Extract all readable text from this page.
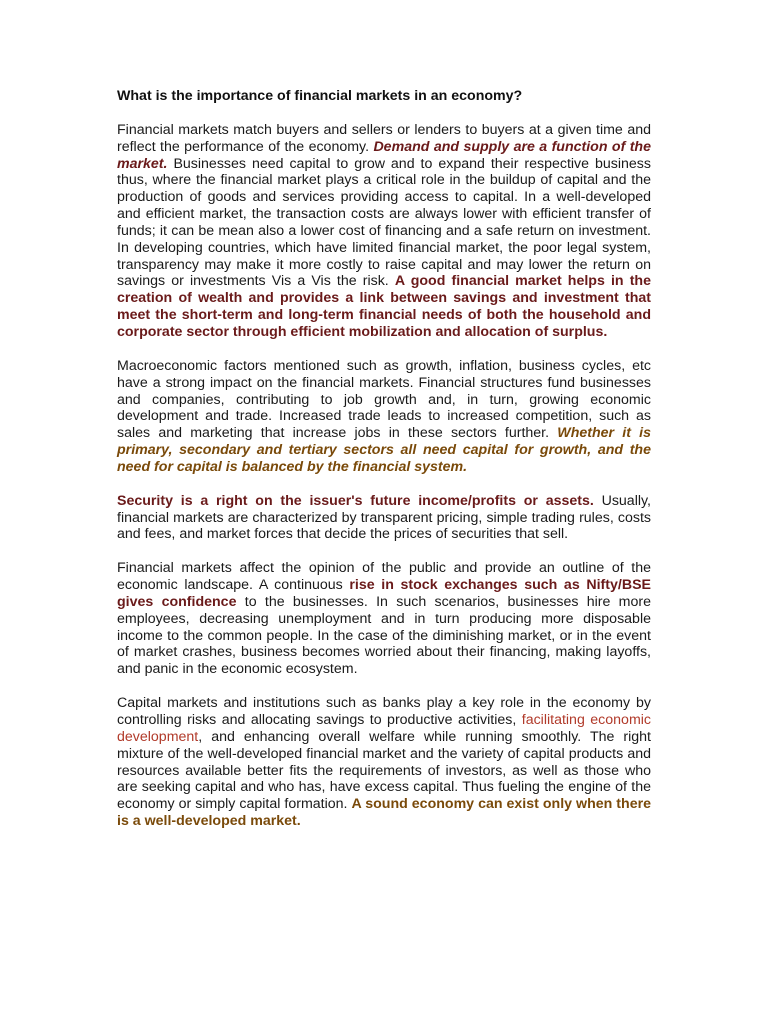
What is the importance of financial markets in an economy?

Financial markets match buyers and sellers or lenders to buyers at a given time and reflect the performance of the economy. Demand and supply are a function of the market. Businesses need capital to grow and to expand their respective business thus, where the financial market plays a critical role in the buildup of capital and the production of goods and services providing access to capital. In a well-developed and efficient market, the transaction costs are always lower with efficient transfer of funds; it can be mean also a lower cost of financing and a safe return on investment. In developing countries, which have limited financial market, the poor legal system, transparency may make it more costly to raise capital and may lower the return on savings or investments Vis a Vis the risk. A good financial market helps in the creation of wealth and provides a link between savings and investment that meet the short-term and long-term financial needs of both the household and corporate sector through efficient mobilization and allocation of surplus.

Macroeconomic factors mentioned such as growth, inflation, business cycles, etc have a strong impact on the financial markets. Financial structures fund businesses and companies, contributing to job growth and, in turn, growing economic development and trade. Increased trade leads to increased competition, such as sales and marketing that increase jobs in these sectors further. Whether it is primary, secondary and tertiary sectors all need capital for growth, and the need for capital is balanced by the financial system.

Security is a right on the issuer's future income/profits or assets. Usually, financial markets are characterized by transparent pricing, simple trading rules, costs and fees, and market forces that decide the prices of securities that sell.

Financial markets affect the opinion of the public and provide an outline of the economic landscape. A continuous rise in stock exchanges such as Nifty/BSE gives confidence to the businesses. In such scenarios, businesses hire more employees, decreasing unemployment and in turn producing more disposable income to the common people. In the case of the diminishing market, or in the event of market crashes, business becomes worried about their financing, making layoffs, and panic in the economic ecosystem.

Capital markets and institutions such as banks play a key role in the economy by controlling risks and allocating savings to productive activities, facilitating economic development, and enhancing overall welfare while running smoothly. The right mixture of the well-developed financial market and the variety of capital products and resources available better fits the requirements of investors, as well as those who are seeking capital and who has, have excess capital. Thus fueling the engine of the economy or simply capital formation. A sound economy can exist only when there is a well-developed market.
